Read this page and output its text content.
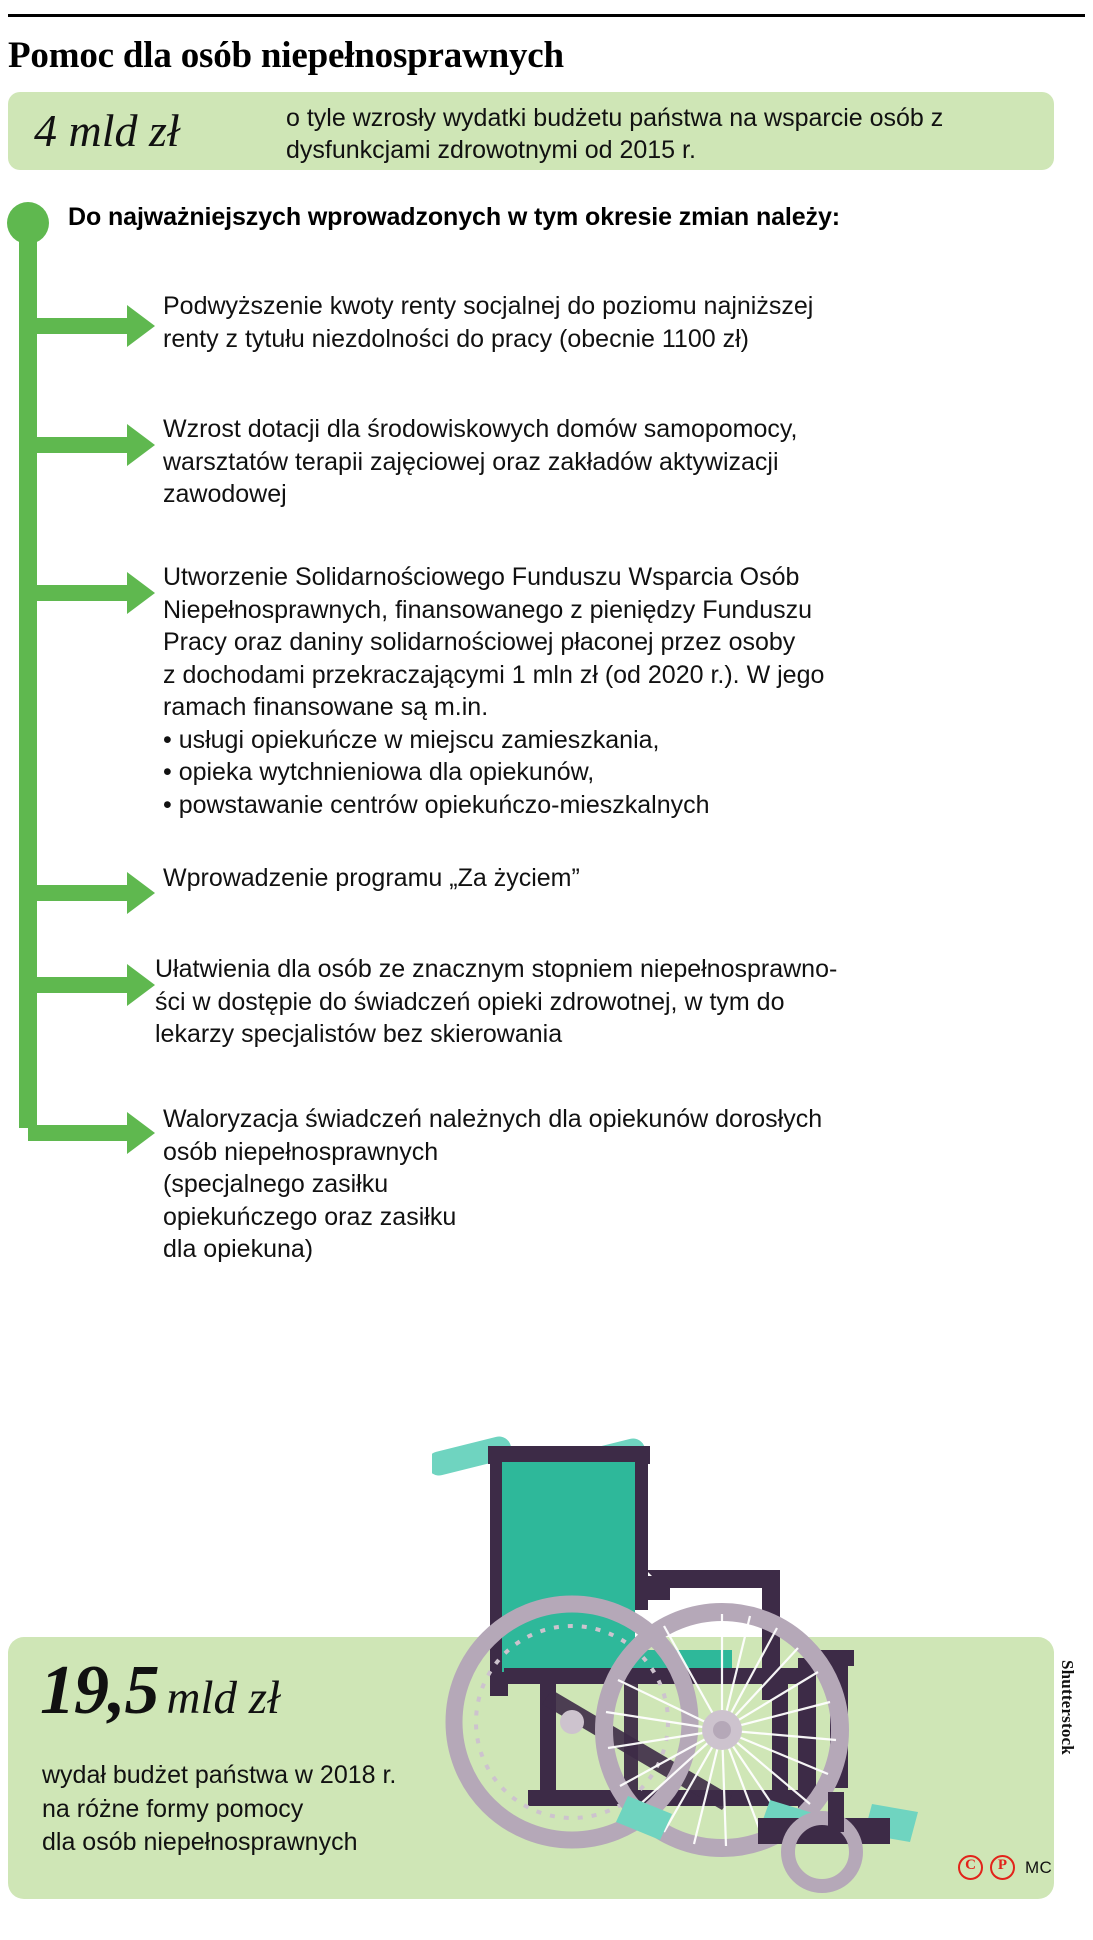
Pomoc dla osób niepełnosprawnych
4 mld zł	o tyle wzrosły wydatki budżetu państwa na wsparcie osób z dysfunkcjami zdrowotnymi od 2015 r.
Do najważniejszych wprowadzonych w tym okresie zmian należy:

Podwyższenie kwoty renty socjalnej do poziomu najniższej

renty z tytułu niezdolności do pracy (obecnie 1100 zł)

Wzrost dotacji dla środowiskowych domów samopomocy,

warsztatów terapii zajęciowej oraz zakładów aktywizacji

zawodowej

Utworzenie Solidarnościowego Funduszu Wsparcia Osób

Niepełnosprawnych, finansowanego z pieniędzy Funduszu

Pracy oraz daniny solidarnościowej płaconej przez osoby

z dochodami przekraczającymi 1 mln zł (od 2020 r.). W jego

ramach finansowane są m.in.

• usługi opiekuńcze w miejscu zamieszkania,

• opieka wytchnieniowa dla opiekunów,

• powstawanie centrów opiekuńczo-mieszkalnych

Wprowadzenie programu „Za życiem”

Ułatwienia dla osób ze znacznym stopniem niepełnosprawno-

ści w dostępie do świadczeń opieki zdrowotnej, w tym do

lekarzy specjalistów bez skierowania

Waloryzacja świadczeń należnych dla opiekunów dorosłych

osób niepełnosprawnych

(specjalnego zasiłku

opiekuńczego oraz zasiłku

dla opiekuna)

19,5 mld zł

wydał budżet państwa w 2018 r.

na różne formy pomocy

dla osób niepełnosprawnych

Shutterstock
C	P	MC
